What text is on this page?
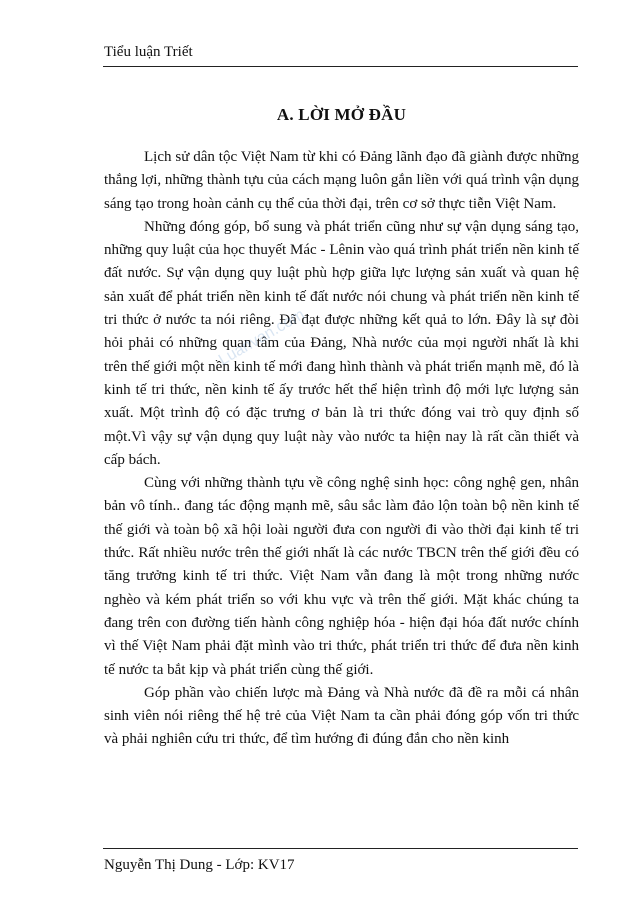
Tiểu luận Triết
A. LỜI MỞ ĐẦU

Lịch sử dân tộc Việt Nam từ khi có Đảng lãnh đạo đã giành được những thắng lợi, những thành tựu của cách mạng luôn gắn liền với quá trình vận dụng sáng tạo trong hoàn cảnh cụ thể của thời đại, trên cơ sở thực tiễn Việt Nam.

Những đóng góp, bổ sung và phát triển cũng như sự vận dụng sáng tạo, những quy luật của học thuyết Mác - Lênin vào quá trình phát triển nền kinh tế đất nước. Sự vận dụng quy luật phù hợp giữa lực lượng sản xuất và quan hệ sản xuất để phát triển nền kinh tế đất nước nói chung và phát triển nền kinh tế tri thức ở nước ta nói riêng. Đã đạt được những kết quả to lớn. Đây là sự đòi hỏi phải có những quan tâm của Đảng, Nhà nước của mọi người nhất là khi trên thế giới một nền kinh tế mới đang hình thành và phát triển mạnh mẽ, đó là kinh tế tri thức, nền kinh tế ấy trước hết thể hiện trình độ mới lực lượng sản xuất. Một trình độ có đặc trưng ơ bản là tri thức đóng vai trò quy định số một.Vì vậy sự vận dụng quy luật này vào nước ta hiện nay là rất cần thiết và cấp bách.

Cùng với những thành tựu về công nghệ sinh học: công nghệ gen, nhân bản vô tính.. đang tác động mạnh mẽ, sâu sắc làm đảo lộn toàn bộ nền kinh tế thế giới và toàn bộ xã hội loài người đưa con người đi vào thời đại kinh tế tri thức. Rất nhiều nước trên thế giới nhất là các nước TBCN trên thế giới đều có tăng trưởng kinh tế tri thức. Việt Nam vẫn đang là một trong những nước nghèo và kém phát triển so với khu vực và trên thế giới. Mặt khác chúng ta đang trên con đường tiến hành công nghiệp hóa - hiện đại hóa đất nước chính vì thế Việt Nam phải đặt mình vào tri thức, phát triển tri thức để đưa nền kinh tế nước ta bắt kịp và phát triển cùng thế giới.

Góp phần vào chiến lược mà Đảng và Nhà nước đã đề ra mỗi cá nhân sinh viên nói riêng thế hệ trẻ của Việt Nam ta cần phải đóng góp vốn tri thức và phải nghiên cứu tri thức, để tìm hướng đi đúng đắn cho nền kinh

Luanvan.com
Nguyễn Thị Dung - Lớp: KV17
